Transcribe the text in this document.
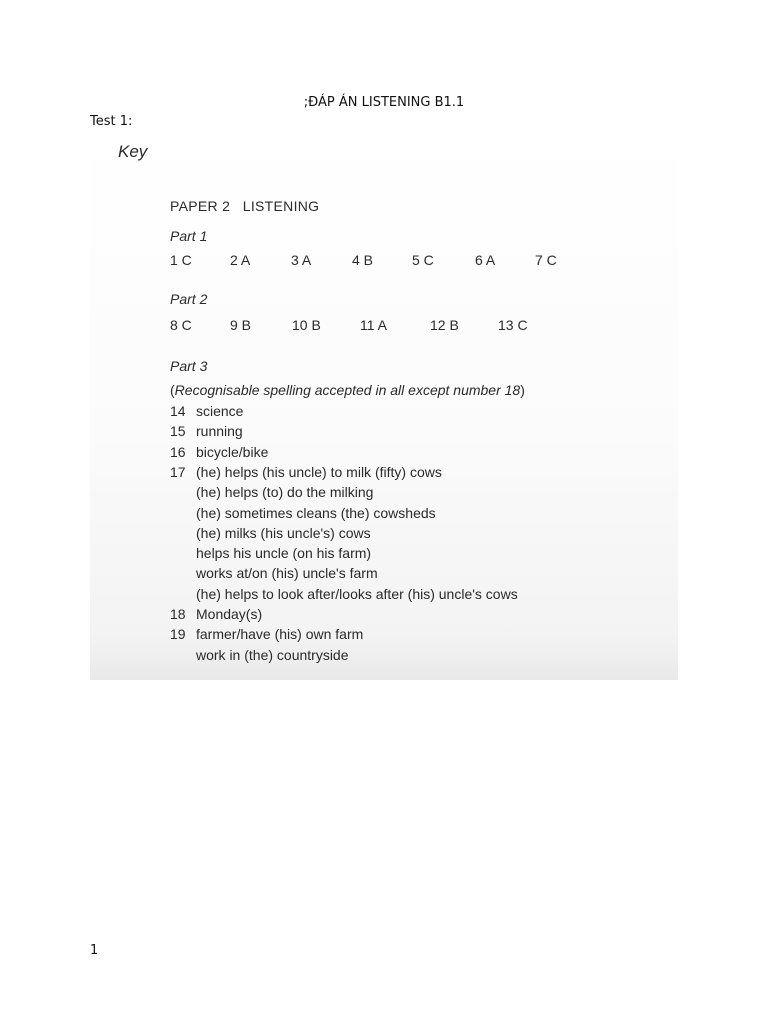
;ĐÁP ÁN LISTENING B1.1
Test 1:
Key
PAPER 2   LISTENING
Part 1
1 C	2 A	3 A	4 B	5 C	6 A	7 C
Part 2
8 C	9 B	10 B	11 A	12 B	13 C
Part 3
(Recognisable spelling accepted in all except number 18)
14 science
15 running
16 bicycle/bike
17 (he) helps (his uncle) to milk (fifty) cows
(he) helps (to) do the milking
(he) sometimes cleans (the) cowsheds
(he) milks (his uncle's) cows
helps his uncle (on his farm)
works at/on (his) uncle's farm
(he) helps to look after/looks after (his) uncle's cows
18 Monday(s)
19 farmer/have (his) own farm
work in (the) countryside
1
